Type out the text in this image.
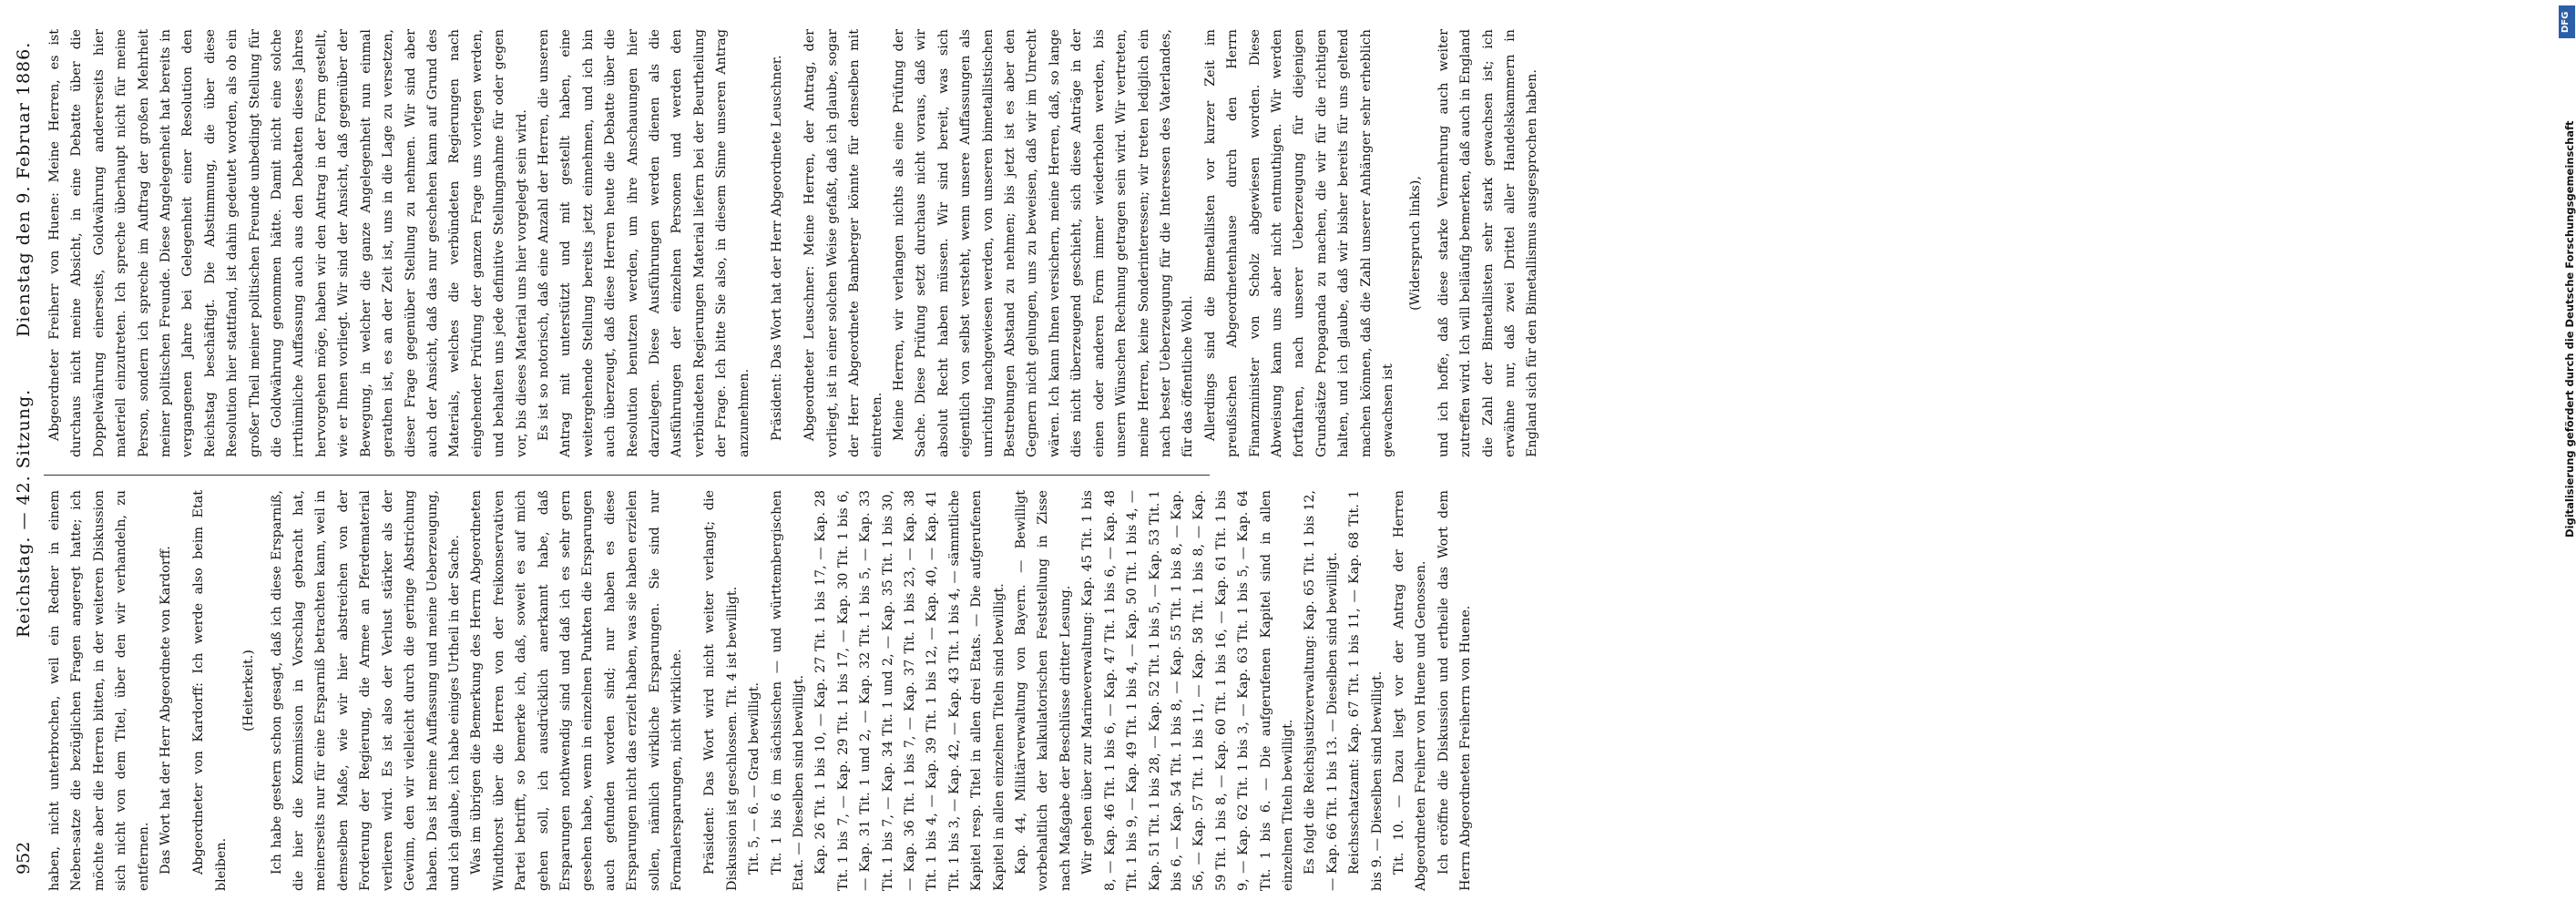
952
Reichstag. — 42. Sitzung.
Dienstag den 9. Februar 1886.

haben, nicht unterbrochen, weil ein Redner in einem Neben-satze die bezüglichen Fragen angeregt hatte; ich möchte aber die Herren bitten, in der weiteren Diskussion sich nicht von dem Titel, über den wir verhandeln, zu entfernen. Das Wort hat der Herr Abgeordnete von Kardorff.	Abgeordneter von Kardorff: Ich werde also beim Etat bleiben.

(Heiterkeit.)	Ich habe gestern schon gesagt, daß ich diese Ersparniß, die hier die Kommission in Vorschlag gebracht hat, meinerseits nur für eine Ersparniß betrachten kann, weil in demselben Maße, wie wir hier abstreichen von der Forderung der Regierung, die Armee an Pferdematerial verlieren wird. Es ist also der Verlust stärker als der Gewinn, den wir vielleicht durch die geringe Abstrichung haben. Das ist meine Auffassung und meine Ueberzeugung, und ich glaube, ich habe einiges Urtheil in der Sache. Was im übrigen die Bemerkung des Herrn Abgeordneten Windthorst über die Herren von der freikonservativen Partei betrifft, so bemerke ich, daß, soweit es auf mich gehen soll, ich ausdrücklich anerkannt habe, daß Ersparungen nothwendig sind und daß ich es sehr gern gesehen habe, wenn in einzelnen Punkten die Ersparungen auch gefunden worden sind; nur haben es diese Ersparungen nicht das erzielt haben, was sie haben erzielen sollen, nämlich wirkliche Ersparungen. Sie sind nur Formalersparungen, nicht wirkliche.	Präsident: Das Wort wird nicht weiter verlangt; die Diskussion ist geschlossen. Tit. 4 ist bewilligt. Tit. 5, — 6. — Grad bewilligt. Tit. 1 bis 6 im sächsischen — und württembergischen Etat. — Dieselben sind bewilligt. Kap. 26 Tit. 1 bis 10, — Kap. 27 Tit. 1 bis 17, — Kap. 28 Tit. 1 bis 7, — Kap. 29 Tit. 1 bis 17, — Kap. 30 Tit. 1 bis 6, — Kap. 31 Tit. 1 und 2, — Kap. 32 Tit. 1 bis 5, — Kap. 33 Tit. 1 bis 7, — Kap. 34 Tit. 1 und 2, — Kap. 35 Tit. 1 bis 30, — Kap. 36 Tit. 1 bis 7, — Kap. 37 Tit. 1 bis 23, — Kap. 38 Tit. 1 bis 4, — Kap. 39 Tit. 1 bis 12, — Kap. 40, — Kap. 41 Tit. 1 bis 3, — Kap. 42, — Kap. 43 Tit. 1 bis 4, — sämmtliche Kapitel resp. Titel in allen drei Etats. — Die aufgerufenen Kapitel in allen einzelnen Titeln sind bewilligt. Kap. 44, Militärverwaltung von Bayern. — Bewilligt vorbehaltlich der kalkulatorischen Feststellung in Zisse nach Maßgabe der Beschlüsse dritter Lesung. Wir gehen über zur Marineverwaltung: Kap. 45 Tit. 1 bis 8, — Kap. 46 Tit. 1 bis 6, — Kap. 47 Tit. 1 bis 6, — Kap. 48 Tit. 1 bis 9, — Kap. 49 Tit. 1 bis 4, — Kap. 50 Tit. 1 bis 4, — Kap. 51 Tit. 1 bis 28, — Kap. 52 Tit. 1 bis 5, — Kap. 53 Tit. 1 bis 6, — Kap. 54 Tit. 1 bis 8, — Kap. 55 Tit. 1 bis 8, — Kap. 56, — Kap. 57 Tit. 1 bis 11, — Kap. 58 Tit. 1 bis 8, — Kap. 59 Tit. 1 bis 8, — Kap. 60 Tit. 1 bis 16, — Kap. 61 Tit. 1 bis 9, — Kap. 62 Tit. 1 bis 3, — Kap. 63 Tit. 1 bis 5, — Kap. 64 Tit. 1 bis 6. — Die aufgerufenen Kapitel sind in allen einzelnen Titeln bewilligt. Es folgt die Reichsjustizverwaltung: Kap. 65 Tit. 1 bis 12, — Kap. 66 Tit. 1 bis 13. — Dieselben sind bewilligt. Reichsschatzamt: Kap. 67 Tit. 1 bis 11, — Kap. 68 Tit. 1 bis 9. — Dieselben sind bewilligt. Tit. 10. — Dazu liegt vor der Antrag der Herren Abgeordneten Freiherr von Huene und Genossen. Ich eröffne die Diskussion und ertheile das Wort dem Herrn Abgeordneten Freiherrn von Huene.

Abgeordneter Freiherr von Huene: Meine Herren, es ist durchaus nicht meine Absicht, in eine Debatte über die Doppelwährung einerseits, Goldwährung andererseits hier materiell einzutreten. Ich spreche überhaupt nicht für meine Person, sondern ich spreche im Auftrag der großen Mehrheit meiner politischen Freunde. Diese Angelegenheit hat bereits in vergangenen Jahre bei Gelegenheit einer Resolution den Reichstag beschäftigt. Die Abstimmung, die über diese Resolution hier stattfand, ist dahin gedeutet worden, als ob ein großer Theil meiner politischen Freunde unbedingt Stellung für die Goldwährung genommen hätte. Damit nicht eine solche irrthümliche Auffassung auch aus den Debatten dieses Jahres hervorgehen möge, haben wir den Antrag in der Form gestellt, wie er Ihnen vorliegt. Wir sind der Ansicht, daß gegenüber der Bewegung, in welcher die ganze Angelegenheit nun einmal gerathen ist, es an der Zeit ist, uns in die Lage zu versetzen, dieser Frage gegenüber Stellung zu nehmen. Wir sind aber auch der Ansicht, daß das nur geschehen kann auf Grund des Materials, welches die verbündeten Regierungen nach eingehender Prüfung der ganzen Frage uns vorlegen werden, und behalten uns jede definitive Stellungnahme für oder gegen vor, bis dieses Material uns hier vorgelegt sein wird. Es ist so notorisch, daß eine Anzahl der Herren, die unseren Antrag mit unterstützt und mit gestellt haben, eine weitergehende Stellung bereits jetzt einnehmen, und ich bin auch überzeugt, daß diese Herren heute die Debatte über die Resolution benutzen werden, um ihre Anschauungen hier darzulegen. Diese Ausführungen werden dienen als die Ausführungen der einzelnen Personen und werden den verbündeten Regierungen Material liefern bei der Beurtheilung der Frage. Ich bitte Sie also, in diesem Sinne unseren Antrag anzunehmen.	Präsident: Das Wort hat der Herr Abgeordnete Leuschner.	Abgeordneter Leuschner: Meine Herren, der Antrag, der vorliegt, ist in einer solchen Weise gefaßt, daß ich glaube, sogar der Herr Abgeordnete Bamberger könnte für denselben mit eintreten. Meine Herren, wir verlangen nichts als eine Prüfung der Sache. Diese Prüfung setzt durchaus nicht voraus, daß wir absolut Recht haben müssen. Wir sind bereit, was sich eigentlich von selbst versteht, wenn unsere Auffassungen als unrichtig nachgewiesen werden, von unseren bimetallistischen Bestrebungen Abstand zu nehmen; bis jetzt ist es aber den Gegnern nicht gelungen, uns zu beweisen, daß wir im Unrecht wären. Ich kann Ihnen versichern, meine Herren, daß, so lange dies nicht überzeugend geschieht, sich diese Anträge in der einen oder anderen Form immer wiederholen werden, bis unsern Wünschen Rechnung getragen sein wird. Wir vertreten, meine Herren, keine Sonderinteressen; wir treten lediglich ein nach bester Ueberzeugung für die Interessen des Vaterlandes, für das öffentliche Wohl. Allerdings sind die Bimetallisten vor kurzer Zeit im preußischen Abgeordnetenhause durch den Herrn Finanzminister von Scholz abgewiesen worden. Diese Abweisung kann uns aber nicht entmuthigen. Wir werden fortfahren, nach unserer Ueberzeugung für diejenigen Grundsätze Propaganda zu machen, die wir für die richtigen halten, und ich glaube, daß wir bisher bereits für uns geltend machen können, daß die Zahl unserer Anhänger sehr erheblich gewachsen ist

(Widerspruch links),	und ich hoffe, daß diese starke Vermehrung auch weiter zutreffen wird. Ich will beiläufig bemerken, daß auch in England die Zahl der Bimetallisten sehr stark gewachsen ist; ich erwähne nur, daß zwei Drittel aller Handelskammern in England sich für den Bimetallismus ausgesprochen haben.

DFG
Digitalisierung gefördert durch die Deutsche Forschungsgemeinschaft
